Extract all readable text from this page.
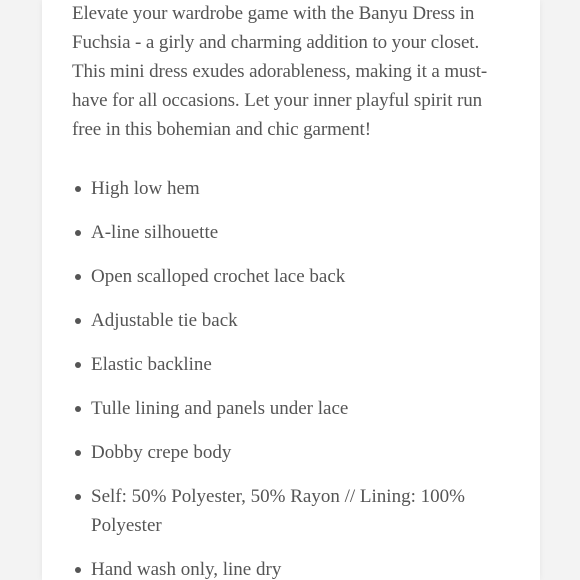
Elevate your wardrobe game with the Banyu Dress in
Fuchsia - a girly and charming addition to your closet.
This mini dress exudes adorableness, making it a must-
have for all occasions. Let your inner playful spirit run
free in this bohemian and chic garment!

High low hem
A-line silhouette
Open scalloped crochet lace back
Adjustable tie back
Elastic backline
Tulle lining and panels under lace
Dobby crepe body
Self: 50% Polyester, 50% Rayon // Lining: 100% Polyester
Hand wash only, line dry
